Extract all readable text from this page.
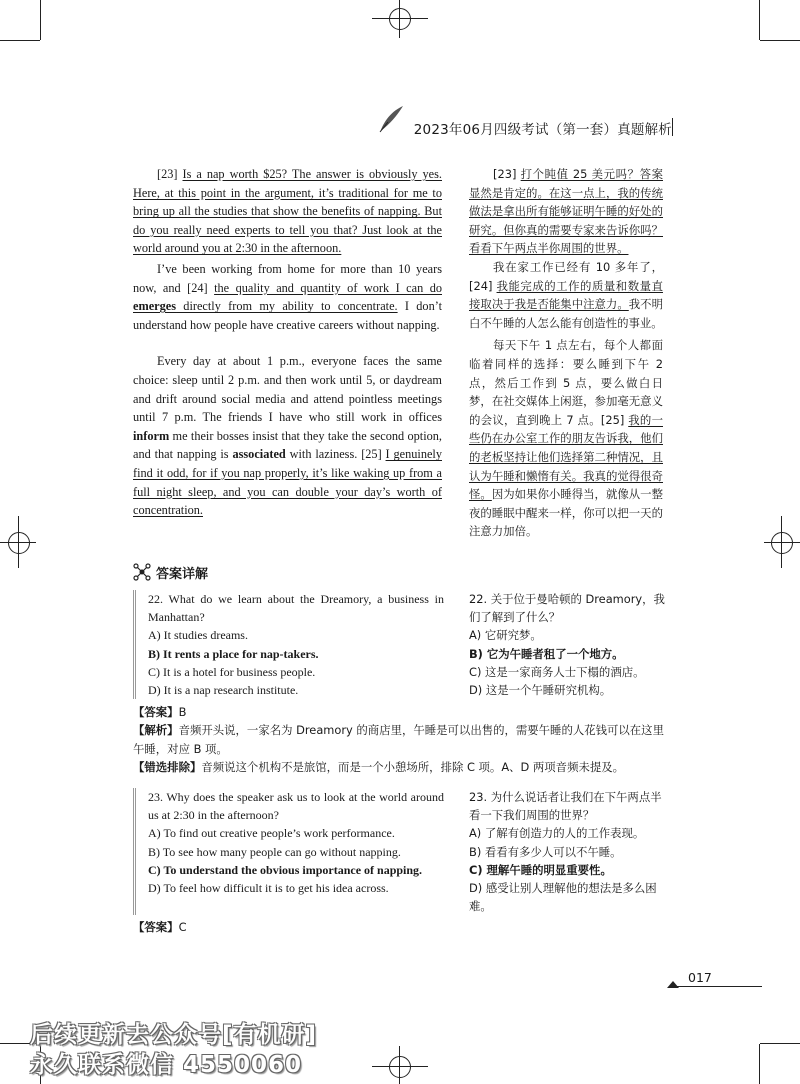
2023年06月四级考试（第一套）真题解析

[23] Is a nap worth $25? The answer is obviously yes. Here, at this point in the argument, it’s traditional for me to bring up all the studies that show the benefits of napping. But do you really need experts to tell you that? Just look at the world around you at 2:30 in the afternoon.

I’ve been working from home for more than 10 years now, and [24] the quality and quantity of work I can do emerges directly from my ability to concentrate. I don’t understand how people have creative careers without napping.

Every day at about 1 p.m., everyone faces the same choice: sleep until 2 p.m. and then work until 5, or daydream and drift around social media and attend pointless meetings until 7 p.m. The friends I have who still work in offices inform me their bosses insist that they take the second option, and that napping is associated with laziness. [25] I genuinely find it odd, for if you nap properly, it’s like waking up from a full night sleep, and you can double your day’s worth of concentration.

[23] 打个盹值 25 美元吗？答案显然是肯定的。在这一点上，我的传统做法是拿出所有能够证明午睡的好处的研究。但你真的需要专家来告诉你吗？看看下午两点半你周围的世界。

我在家工作已经有 10 多年了，[24] 我能完成的工作的质量和数量直接取决于我是否能集中注意力。我不明白不午睡的人怎么能有创造性的事业。

每天下午 1 点左右，每个人都面临着同样的选择：要么睡到下午 2 点，然后工作到 5 点，要么做白日梦，在社交媒体上闲逛，参加毫无意义的会议，直到晚上 7 点。[25] 我的一些仍在办公室工作的朋友告诉我，他们的老板坚持让他们选择第二种情况，且认为午睡和懒惰有关。我真的觉得很奇怪。因为如果你小睡得当，就像从一整夜的睡眠中醒来一样，你可以把一天的注意力加倍。

答案详解

22. What do we learn about the Dreamory, a business in Manhattan?

A) It studies dreams.

B) It rents a place for nap-takers.

C) It is a hotel for business people.

D) It is a nap research institute.

22. 关于位于曼哈顿的 Dreamory，我们了解到了什么？

A) 它研究梦。

B) 它为午睡者租了一个地方。

C) 这是一家商务人士下榻的酒店。

D) 这是一个午睡研究机构。

【答案】B
【解析】音频开头说，一家名为 Dreamory 的商店里，午睡是可以出售的，需要午睡的人花钱可以在这里午睡，对应 B 项。
【错选排除】音频说这个机构不是旅馆，而是一个小憩场所，排除 C 项。A、D 两项音频未提及。

23. Why does the speaker ask us to look at the world around us at 2:30 in the afternoon?

A) To find out creative people’s work performance.

B) To see how many people can go without napping.

C) To understand the obvious importance of napping.

D) To feel how difficult it is to get his idea across.

23. 为什么说话者让我们在下午两点半看一下我们周围的世界？

A) 了解有创造力的人的工作表现。

B) 看看有多少人可以不午睡。

C) 理解午睡的明显重要性。

D) 感受让别人理解他的想法是多么困难。

【答案】C
017
后续更新去公众号[有机研]
永久联系微信 4550060
